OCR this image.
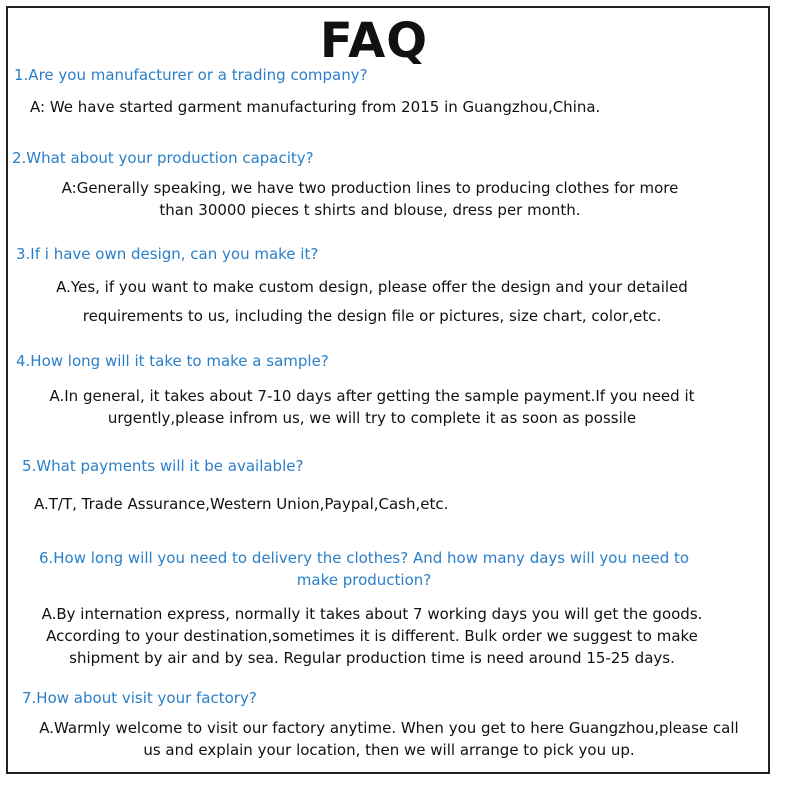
FAQ
1.Are you manufacturer or a trading company?
A: We have started garment manufacturing from 2015 in Guangzhou,China.
2.What about your production capacity?
A:Generally speaking, we have two production lines to producing clothes for more
than 30000 pieces t shirts and blouse, dress per month.
3.If i have own design, can you make it?
A.Yes, if you want to make custom design, please offer the design and your detailed
requirements to us, including the design file or pictures, size chart, color,etc.
4.How long will it take to make a sample?
A.In general, it takes about 7-10 days after getting the sample payment.If you need it
urgently,please infrom us, we will try to complete it as soon as possile
5.What payments will it be available?
A.T/T, Trade Assurance,Western Union,Paypal,Cash,etc.
6.How long will you need to delivery the clothes? And how many days will you need to
make production?
A.By internation express, normally it takes about 7 working days you will get the goods.
According to your destination,sometimes it is different. Bulk order we suggest to make
shipment by air and by sea. Regular production time is need around 15-25 days.
7.How about visit your factory?
A.Warmly welcome to visit our factory anytime. When you get to here Guangzhou,please call
us and explain your location, then we will arrange to pick you up.
